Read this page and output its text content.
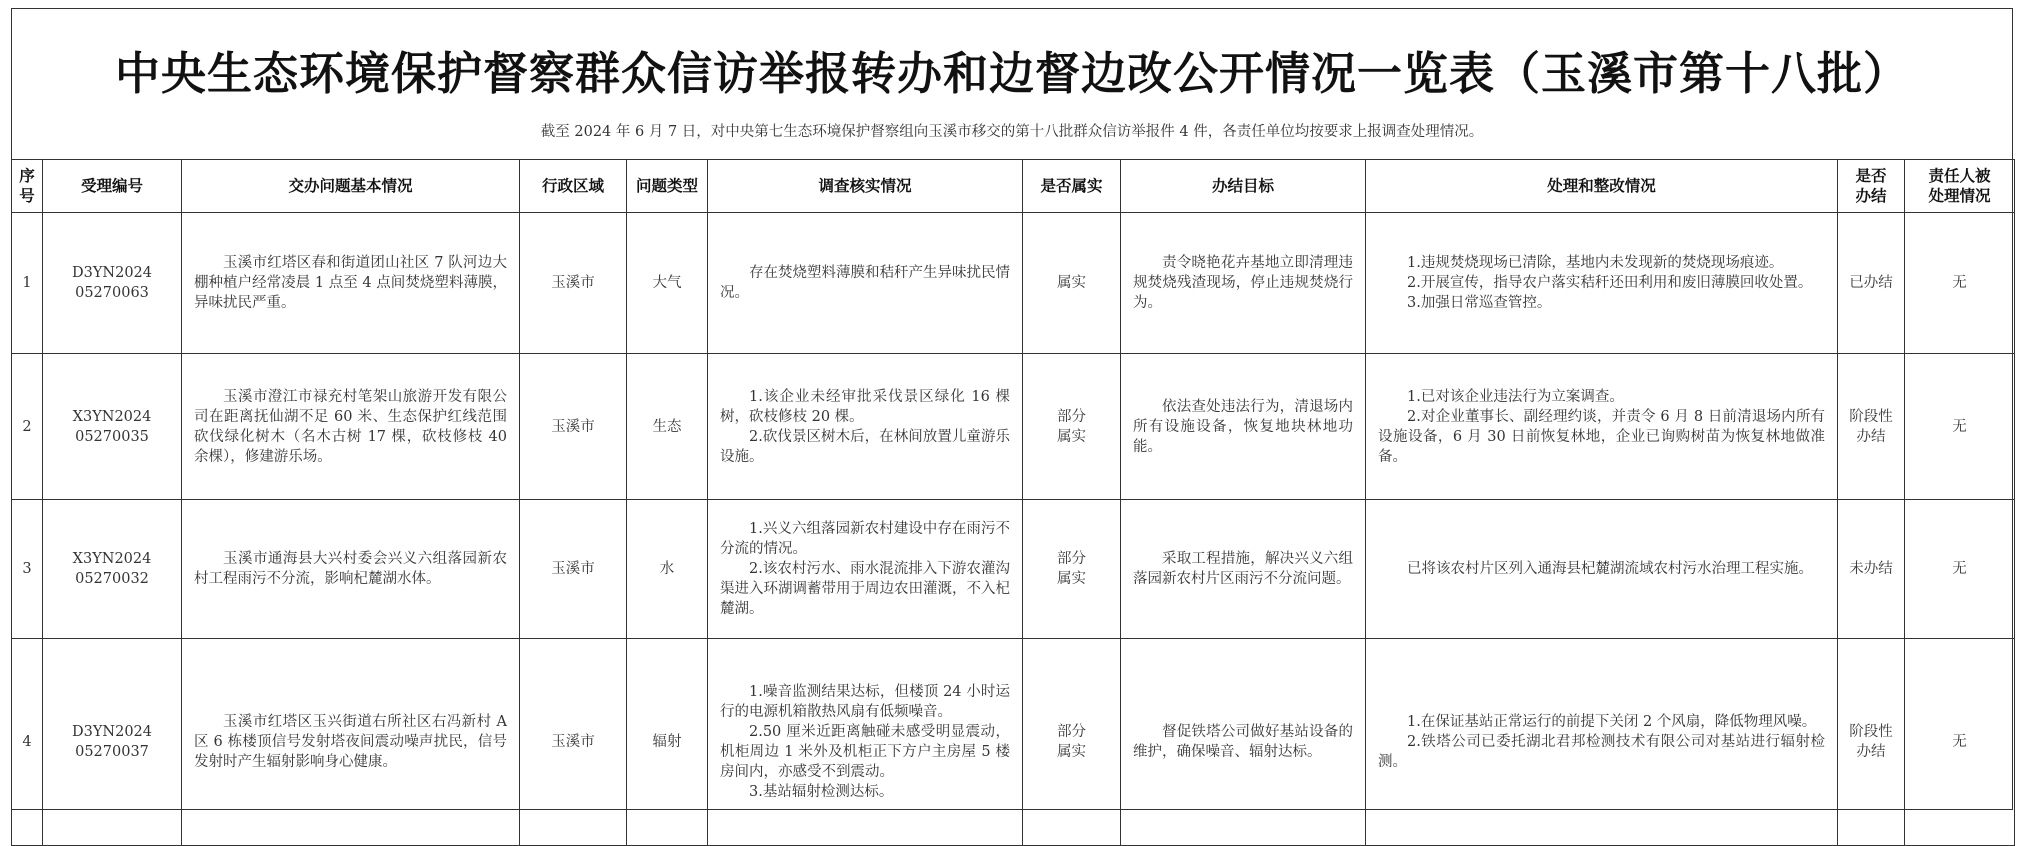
中央生态环境保护督察群众信访举报转办和边督边改公开情况一览表（玉溪市第十八批）
截至 2024 年 6 月 7 日，对中央第七生态环境保护督察组向玉溪市移交的第十八批群众信访举报件 4 件，各责任单位均按要求上报调查处理情况。
序
号	受理编号	交办问题基本情况	行政区域	问题类型	调查核实情况	是否属实	办结目标	处理和整改情况	是否
办结	责任人被
处理情况

1	D3YN2024
05270063	玉溪市红塔区春和街道团山社区 7 队河边大棚种植户经常凌晨 1 点至 4 点间焚烧塑料薄膜，异味扰民严重。	玉溪市	大气	存在焚烧塑料薄膜和秸秆产生异味扰民情况。	属实	责令晓艳花卉基地立即清理违规焚烧残渣现场，停止违规焚烧行为。	1.违规焚烧现场已清除，基地内未发现新的焚烧现场痕迹。
2.开展宣传，指导农户落实秸秆还田利用和废旧薄膜回收处置。
3.加强日常巡查管控。	已办结	无
2	X3YN2024
05270035	玉溪市澄江市禄充村笔架山旅游开发有限公司在距离抚仙湖不足 60 米、生态保护红线范围砍伐绿化树木（名木古树 17 棵，砍枝修枝 40 余棵），修建游乐场。	玉溪市	生态	1.该企业未经审批采伐景区绿化 16 棵树，砍枝修枝 20 棵。
2.砍伐景区树木后，在林间放置儿童游乐设施。	部分
属实	依法查处违法行为，清退场内所有设施设备，恢复地块林地功能。	1.已对该企业违法行为立案调查。
2.对企业董事长、副经理约谈，并责令 6 月 8 日前清退场内所有设施设备，6 月 30 日前恢复林地，企业已询购树苗为恢复林地做准备。	阶段性
办结	无
3	X3YN2024
05270032	玉溪市通海县大兴村委会兴义六组落园新农村工程雨污不分流，影响杞麓湖水体。	玉溪市	水	1.兴义六组落园新农村建设中存在雨污不分流的情况。
2.该农村污水、雨水混流排入下游农灌沟渠进入环湖调蓄带用于周边农田灌溉，不入杞麓湖。	部分
属实	采取工程措施，解决兴义六组落园新农村片区雨污不分流问题。	已将该农村片区列入通海县杞麓湖流域农村污水治理工程实施。	未办结	无
4	D3YN2024
05270037	玉溪市红塔区玉兴街道右所社区右冯新村 A 区 6 栋楼顶信号发射塔夜间震动噪声扰民，信号发射时产生辐射影响身心健康。	玉溪市	辐射	1.噪音监测结果达标，但楼顶 24 小时运行的电源机箱散热风扇有低频噪音。
2.50 厘米近距离触碰未感受明显震动，机柜周边 1 米外及机柜正下方户主房屋 5 楼房间内，亦感受不到震动。
3.基站辐射检测达标。	部分
属实	督促铁塔公司做好基站设备的维护，确保噪音、辐射达标。	1.在保证基站正常运行的前提下关闭 2 个风扇，降低物理风噪。
2.铁塔公司已委托湖北君邦检测技术有限公司对基站进行辐射检测。	阶段性
办结	无
